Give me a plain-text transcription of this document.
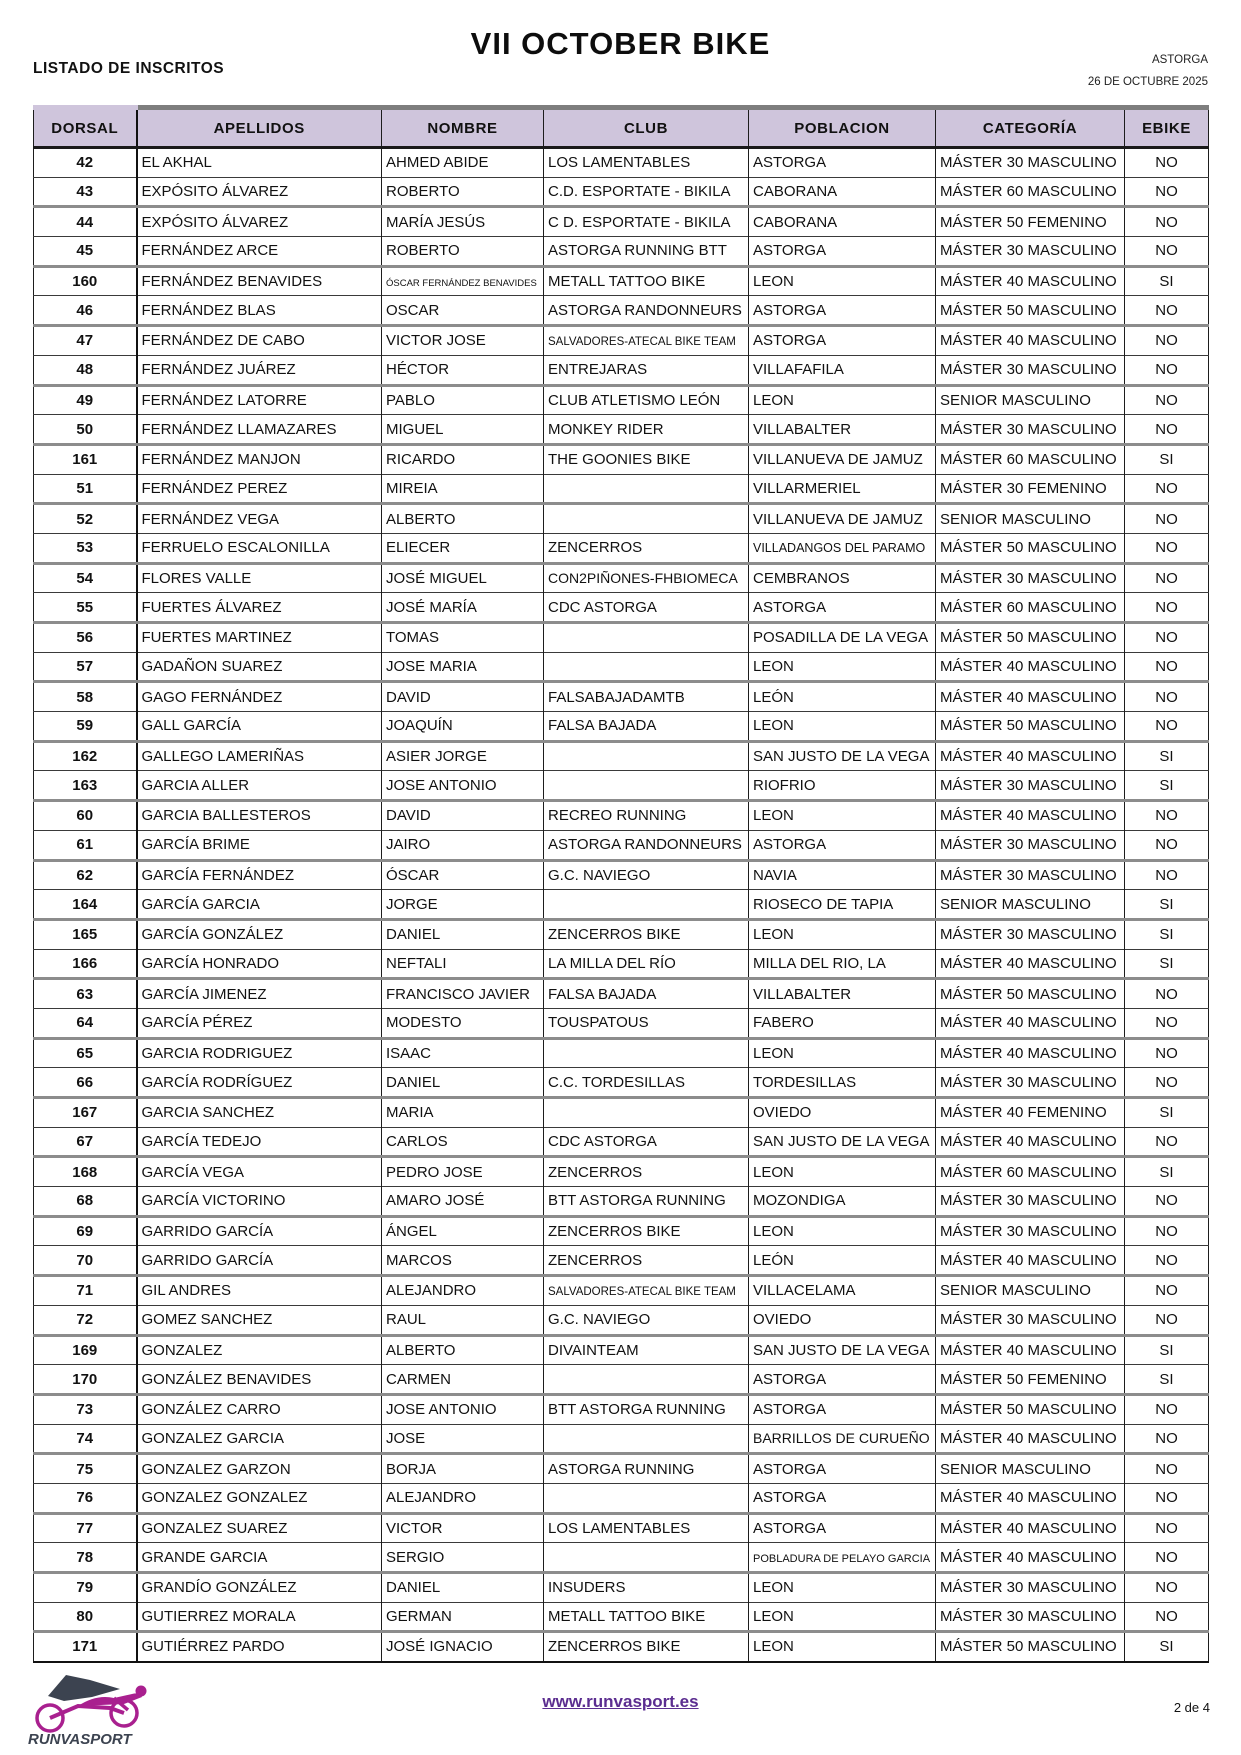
VII OCTOBER BIKE
LISTADO DE INSCRITOS	ASTORGA
26 DE OCTUBRE 2025
DORSAL	APELLIDOS	NOMBRE	CLUB	POBLACION	CATEGORÍA	EBIKE
42	EL AKHAL	AHMED ABIDE	LOS LAMENTABLES	ASTORGA	MÁSTER 30 MASCULINO	NO
43	EXPÓSITO ÁLVAREZ	ROBERTO	C.D. ESPORTATE - BIKILA	CABORANA	MÁSTER 60 MASCULINO	NO
44	EXPÓSITO ÁLVAREZ	MARÍA JESÚS	C D. ESPORTATE - BIKILA	CABORANA	MÁSTER 50 FEMENINO	NO
45	FERNÁNDEZ ARCE	ROBERTO	ASTORGA RUNNING BTT	ASTORGA	MÁSTER 30 MASCULINO	NO
160	FERNÁNDEZ BENAVIDES	ÓSCAR FERNÁNDEZ BENAVIDES	METALL TATTOO BIKE	LEON	MÁSTER 40 MASCULINO	SI
46	FERNÁNDEZ BLAS	OSCAR	ASTORGA RANDONNEURS	ASTORGA	MÁSTER 50 MASCULINO	NO
47	FERNÁNDEZ DE CABO	VICTOR JOSE	SALVADORES-ATECAL BIKE TEAM	ASTORGA	MÁSTER 40 MASCULINO	NO
48	FERNÁNDEZ JUÁREZ	HÉCTOR	ENTREJARAS	VILLAFAFILA	MÁSTER 30 MASCULINO	NO
49	FERNÁNDEZ LATORRE	PABLO	CLUB ATLETISMO LEÓN	LEON	SENIOR MASCULINO	NO
50	FERNÁNDEZ LLAMAZARES	MIGUEL	MONKEY RIDER	VILLABALTER	MÁSTER 30 MASCULINO	NO
161	FERNÁNDEZ MANJON	RICARDO	THE GOONIES BIKE	VILLANUEVA DE JAMUZ	MÁSTER 60 MASCULINO	SI
51	FERNÁNDEZ PEREZ	MIREIA		VILLARMERIEL	MÁSTER 30 FEMENINO	NO
52	FERNÁNDEZ VEGA	ALBERTO		VILLANUEVA DE JAMUZ	SENIOR MASCULINO	NO
53	FERRUELO ESCALONILLA	ELIECER	ZENCERROS	VILLADANGOS DEL PARAMO	MÁSTER 50 MASCULINO	NO
54	FLORES VALLE	JOSÉ MIGUEL	CON2PIÑONES-FHBIOMECA	CEMBRANOS	MÁSTER 30 MASCULINO	NO
55	FUERTES ÁLVAREZ	JOSÉ MARÍA	CDC ASTORGA	ASTORGA	MÁSTER 60 MASCULINO	NO
56	FUERTES MARTINEZ	TOMAS		POSADILLA DE LA VEGA	MÁSTER 50 MASCULINO	NO
57	GADAÑON SUAREZ	JOSE MARIA		LEON	MÁSTER 40 MASCULINO	NO
58	GAGO FERNÁNDEZ	DAVID	FALSABAJADAMTB	LEÓN	MÁSTER 40 MASCULINO	NO
59	GALL GARCÍA	JOAQUÍN	FALSA BAJADA	LEON	MÁSTER 50 MASCULINO	NO
162	GALLEGO LAMERIÑAS	ASIER JORGE		SAN JUSTO DE LA VEGA	MÁSTER 40 MASCULINO	SI
163	GARCIA ALLER	JOSE ANTONIO		RIOFRIO	MÁSTER 30 MASCULINO	SI
60	GARCIA BALLESTEROS	DAVID	RECREO RUNNING	LEON	MÁSTER 40 MASCULINO	NO
61	GARCÍA BRIME	JAIRO	ASTORGA RANDONNEURS	ASTORGA	MÁSTER 30 MASCULINO	NO
62	GARCÍA FERNÁNDEZ	ÓSCAR	G.C. NAVIEGO	NAVIA	MÁSTER 30 MASCULINO	NO
164	GARCÍA GARCIA	JORGE		RIOSECO DE TAPIA	SENIOR MASCULINO	SI
165	GARCÍA GONZÁLEZ	DANIEL	ZENCERROS BIKE	LEON	MÁSTER 30 MASCULINO	SI
166	GARCÍA HONRADO	NEFTALI	LA MILLA DEL RÍO	MILLA DEL RIO, LA	MÁSTER 40 MASCULINO	SI
63	GARCÍA JIMENEZ	FRANCISCO JAVIER	FALSA BAJADA	VILLABALTER	MÁSTER 50 MASCULINO	NO
64	GARCÍA PÉREZ	MODESTO	TOUSPATOUS	FABERO	MÁSTER 40 MASCULINO	NO
65	GARCIA RODRIGUEZ	ISAAC		LEON	MÁSTER 40 MASCULINO	NO
66	GARCÍA RODRÍGUEZ	DANIEL	C.C. TORDESILLAS	TORDESILLAS	MÁSTER 30 MASCULINO	NO
167	GARCIA SANCHEZ	MARIA		OVIEDO	MÁSTER 40 FEMENINO	SI
67	GARCÍA TEDEJO	CARLOS	CDC ASTORGA	SAN JUSTO DE LA VEGA	MÁSTER 40 MASCULINO	NO
168	GARCÍA VEGA	PEDRO JOSE	ZENCERROS	LEON	MÁSTER 60 MASCULINO	SI
68	GARCÍA VICTORINO	AMARO JOSÉ	BTT ASTORGA RUNNING	MOZONDIGA	MÁSTER 30 MASCULINO	NO
69	GARRIDO GARCÍA	ÁNGEL	ZENCERROS BIKE	LEON	MÁSTER 30 MASCULINO	NO
70	GARRIDO GARCÍA	MARCOS	ZENCERROS	LEÓN	MÁSTER 40 MASCULINO	NO
71	GIL ANDRES	ALEJANDRO	SALVADORES-ATECAL BIKE TEAM	VILLACELAMA	SENIOR MASCULINO	NO
72	GOMEZ SANCHEZ	RAUL	G.C. NAVIEGO	OVIEDO	MÁSTER 30 MASCULINO	NO
169	GONZALEZ	ALBERTO	DIVAINTEAM	SAN JUSTO DE LA VEGA	MÁSTER 40 MASCULINO	SI
170	GONZÁLEZ BENAVIDES	CARMEN		ASTORGA	MÁSTER 50 FEMENINO	SI
73	GONZÁLEZ CARRO	JOSE ANTONIO	BTT ASTORGA RUNNING	ASTORGA	MÁSTER 50 MASCULINO	NO
74	GONZALEZ GARCIA	JOSE		BARRILLOS DE CURUEÑO	MÁSTER 40 MASCULINO	NO
75	GONZALEZ GARZON	BORJA	ASTORGA RUNNING	ASTORGA	SENIOR MASCULINO	NO
76	GONZALEZ GONZALEZ	ALEJANDRO		ASTORGA	MÁSTER 40 MASCULINO	NO
77	GONZALEZ SUAREZ	VICTOR	LOS LAMENTABLES	ASTORGA	MÁSTER 40 MASCULINO	NO
78	GRANDE GARCIA	SERGIO		POBLADURA DE PELAYO GARCIA	MÁSTER 40 MASCULINO	NO
79	GRANDÍO GONZÁLEZ	DANIEL	INSUDERS	LEON	MÁSTER 30 MASCULINO	NO
80	GUTIERREZ MORALA	GERMAN	METALL TATTOO BIKE	LEON	MÁSTER 30 MASCULINO	NO
171	GUTIÉRREZ PARDO	JOSÉ IGNACIO	ZENCERROS BIKE	LEON	MÁSTER 50 MASCULINO	SI
RUNVASPORT
www.runvasport.es	2 de 4
